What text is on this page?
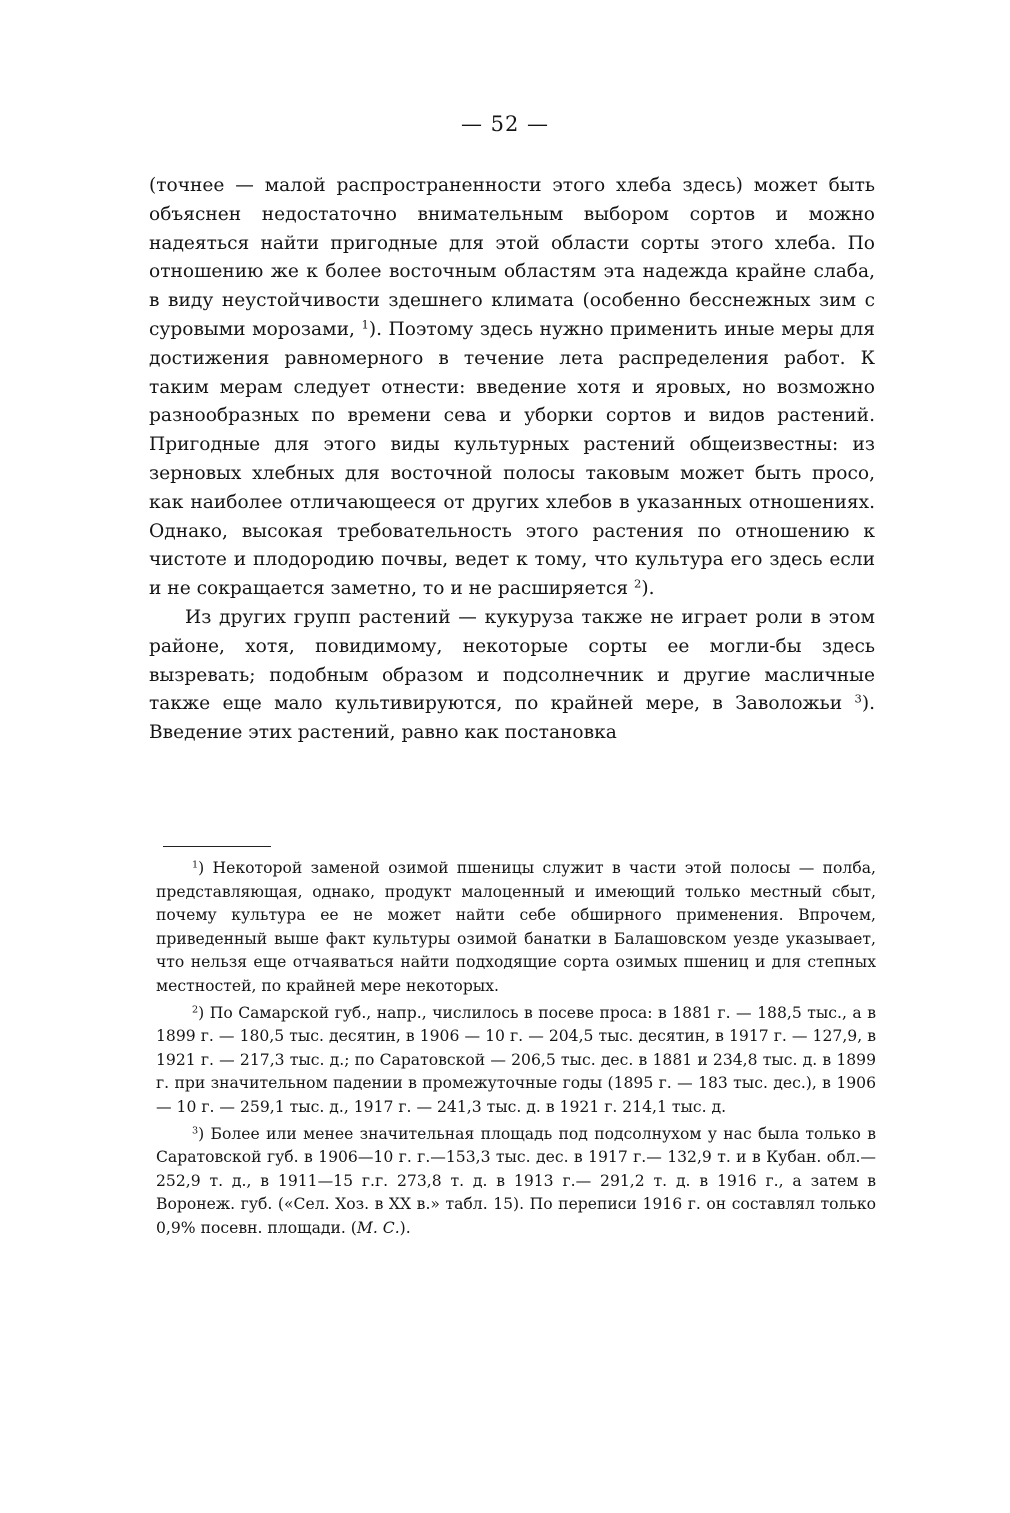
— 52 —

(точнее — малой распространенности этого хлеба здесь) может быть объяснен недостаточно внимательным выбором сортов и можно надеяться найти пригодные для этой области сорты этого хлеба. По отношению же к более восточным областям эта надежда крайне слаба, в виду неустойчивости здешнего климата (особенно бесснежных зим с суровыми морозами, $^1$). Поэтому здесь нужно применить иные меры для достижения равномерного в течение лета распределения работ. К таким мерам следует отнести: введение хотя и яровых, но возможно разнообразных по времени сева и уборки сортов и видов растений. Пригодные для этого виды культурных растений общеизвестны: из зерновых хлебных для восточной полосы таковым может быть просо, как наиболее отличающееся от других хлебов в указанных отношениях. Однако, высокая требовательность этого растения по отношению к чистоте и плодородию почвы, ведет к тому, что культура его здесь если и не сокращается заметно, то и не расширяется $^2$).

Из других групп растений — кукуруза также не играет роли в этом районе, хотя, повидимому, некоторые сорты ее могли-бы здесь вызревать; подобным образом и подсолнечник и другие масличные также еще мало культивируются, по крайней мере, в Заволожьи $^3$). Введение этих растений, равно как постановка

$^1$) Некоторой заменой озимой пшеницы служит в части этой полосы — полба, представляющая, однако, продукт малоценный и имеющий только местный сбыт, почему культура ее не может найти себе обширного применения. Впрочем, приведенный выше факт культуры озимой банатки в Балашовском уезде указывает, что нельзя еще отчаяваться найти подходящие сорта озимых пшениц и для степных местностей, по крайней мере некоторых.

$^2$) По Самарской губ., напр., числилось в посеве проса: в 1881 г. — 188,5 тыс., а в 1899 г. — 180,5 тыс. десятин, в 1906 — 10 г. — 204,5 тыс. десятин, в 1917 г. — 127,9, в 1921 г. — 217,3 тыс. д.; по Саратовской — 206,5 тыс. дес. в 1881 и 234,8 тыс. д. в 1899 г. при значительном падении в промежуточные годы (1895 г. — 183 тыс. дес.), в 1906 — 10 г. — 259,1 тыс. д., 1917 г. — 241,3 тыс. д. в 1921 г. 214,1 тыс. д.

$^3$) Более или менее значительная площадь под подсолнухом у нас была только в Саратовской губ. в 1906—10 г. г.—153,3 тыс. дес. в 1917 г.— 132,9 т. и в Кубан. обл.—252,9 т. д., в 1911—15 г.г. 273,8 т. д. в 1913 г.— 291,2 т. д. в 1916 г., а затем в Воронеж. губ. («Сел. Хоз. в XX в.» табл. 15). По переписи 1916 г. он составлял только 0,9% посевн. площади. (М. С.).
